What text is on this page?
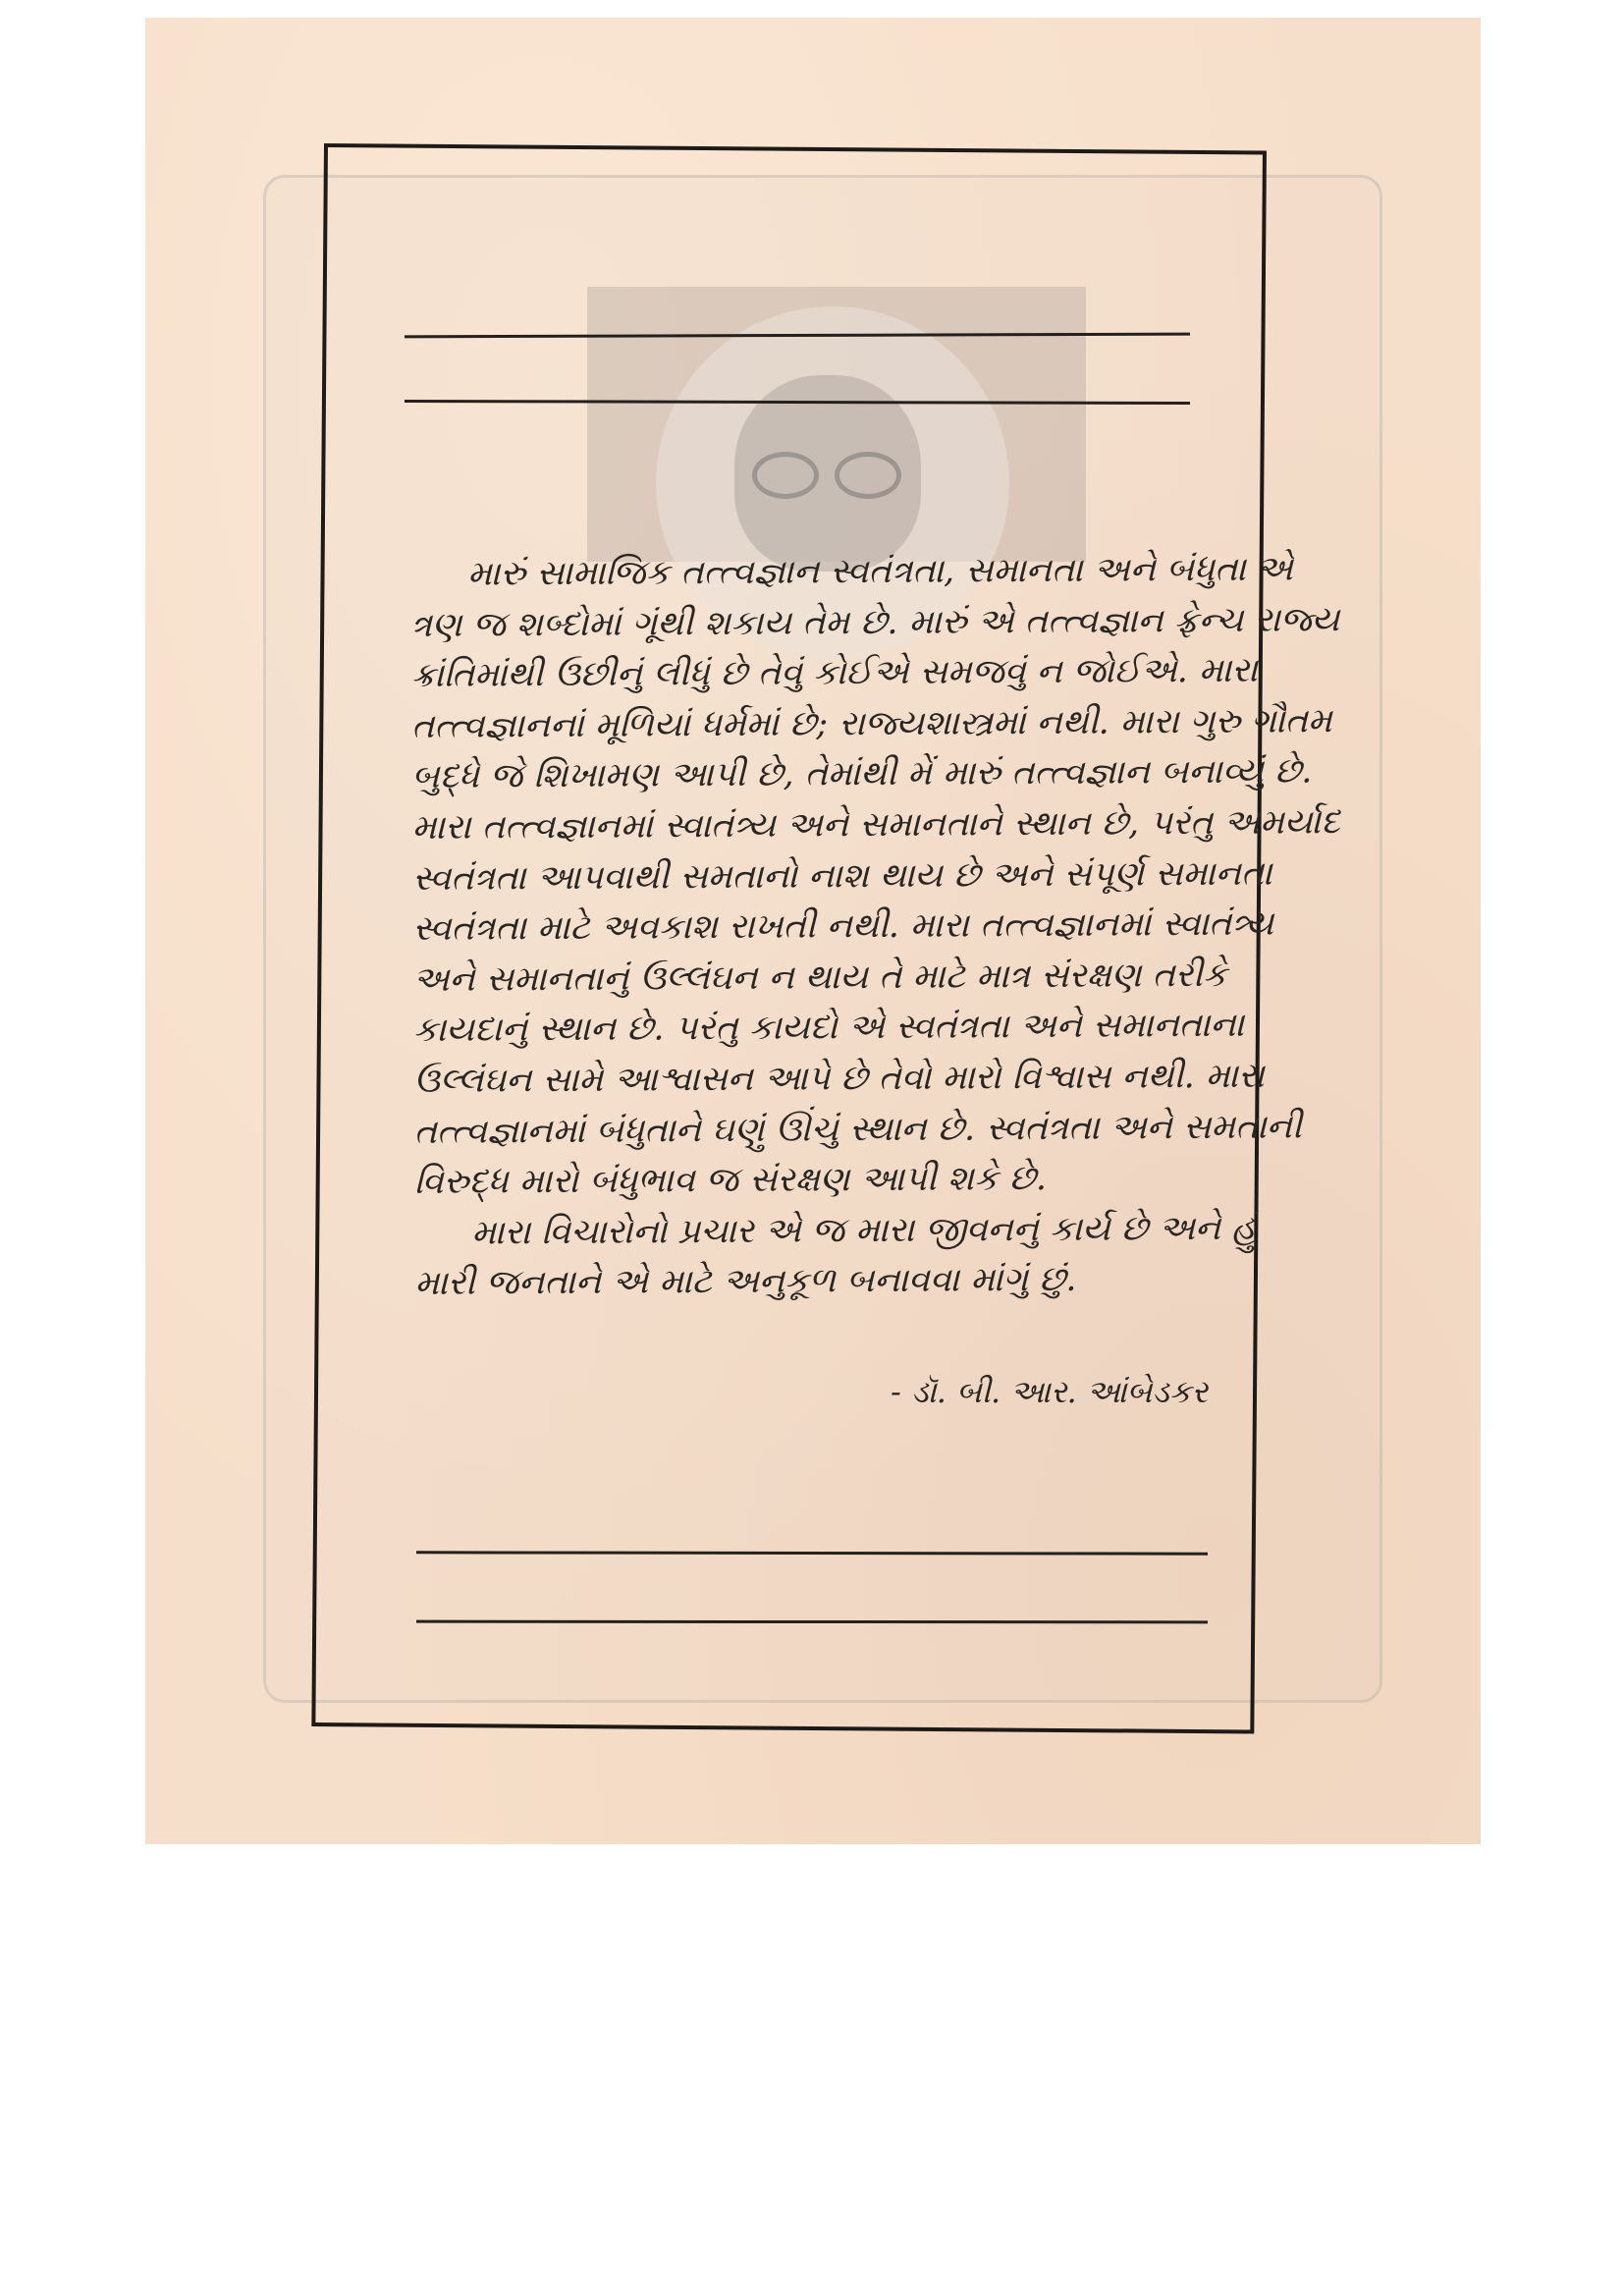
મારું સામાજિક તત્ત્વજ્ઞાન સ્વતંત્રતા, સમાનતા અને બંધુતા એ
ત્રણ જ શબ્દોમાં ગૂંથી શકાય તેમ છે. મારું એ તત્ત્વજ્ઞાન ફ્રેન્ચ રાજ્ય
ક્રાંતિમાંથી ઉછીનું લીધું છે તેવું કોઈએ સમજવું ન જોઈએ. મારા
તત્ત્વજ્ઞાનનાં મૂળિયાં ધર્મમાં છે; રાજ્યશાસ્ત્રમાં નથી. મારા ગુરુ ગૌતમ
બુદ્ધે જે શિખામણ આપી છે, તેમાંથી મેં મારું તત્ત્વજ્ઞાન બનાવ્યું છે.
મારા તત્ત્વજ્ઞાનમાં સ્વાતંત્ર્ય અને સમાનતાને સ્થાન છે, પરંતુ અમર્યાદ
સ્વતંત્રતા આપવાથી સમતાનો નાશ થાય છે અને સંપૂર્ણ સમાનતા
સ્વતંત્રતા માટે અવકાશ રાખતી નથી. મારા તત્ત્વજ્ઞાનમાં સ્વાતંત્ર્ય
અને સમાનતાનું ઉલ્લંઘન ન થાય તે માટે માત્ર સંરક્ષણ તરીકે
કાયદાનું સ્થાન છે. પરંતુ કાયદો એ સ્વતંત્રતા અને સમાનતાના
ઉલ્લંઘન સામે આશ્વાસન આપે છે તેવો મારો વિશ્વાસ નથી. મારા
તત્ત્વજ્ઞાનમાં બંધુતાને ઘણું ઊંચું સ્થાન છે. સ્વતંત્રતા અને સમતાની
વિરુદ્ધ મારો બંધુભાવ જ સંરક્ષણ આપી શકે છે.
મારા વિચારોનો પ્રચાર એ જ મારા જીવનનું કાર્ય છે અને હું
મારી જનતાને એ માટે અનુકૂળ બનાવવા માંગું છું.
- ડૉ. બી. આર. આંબેડકર
